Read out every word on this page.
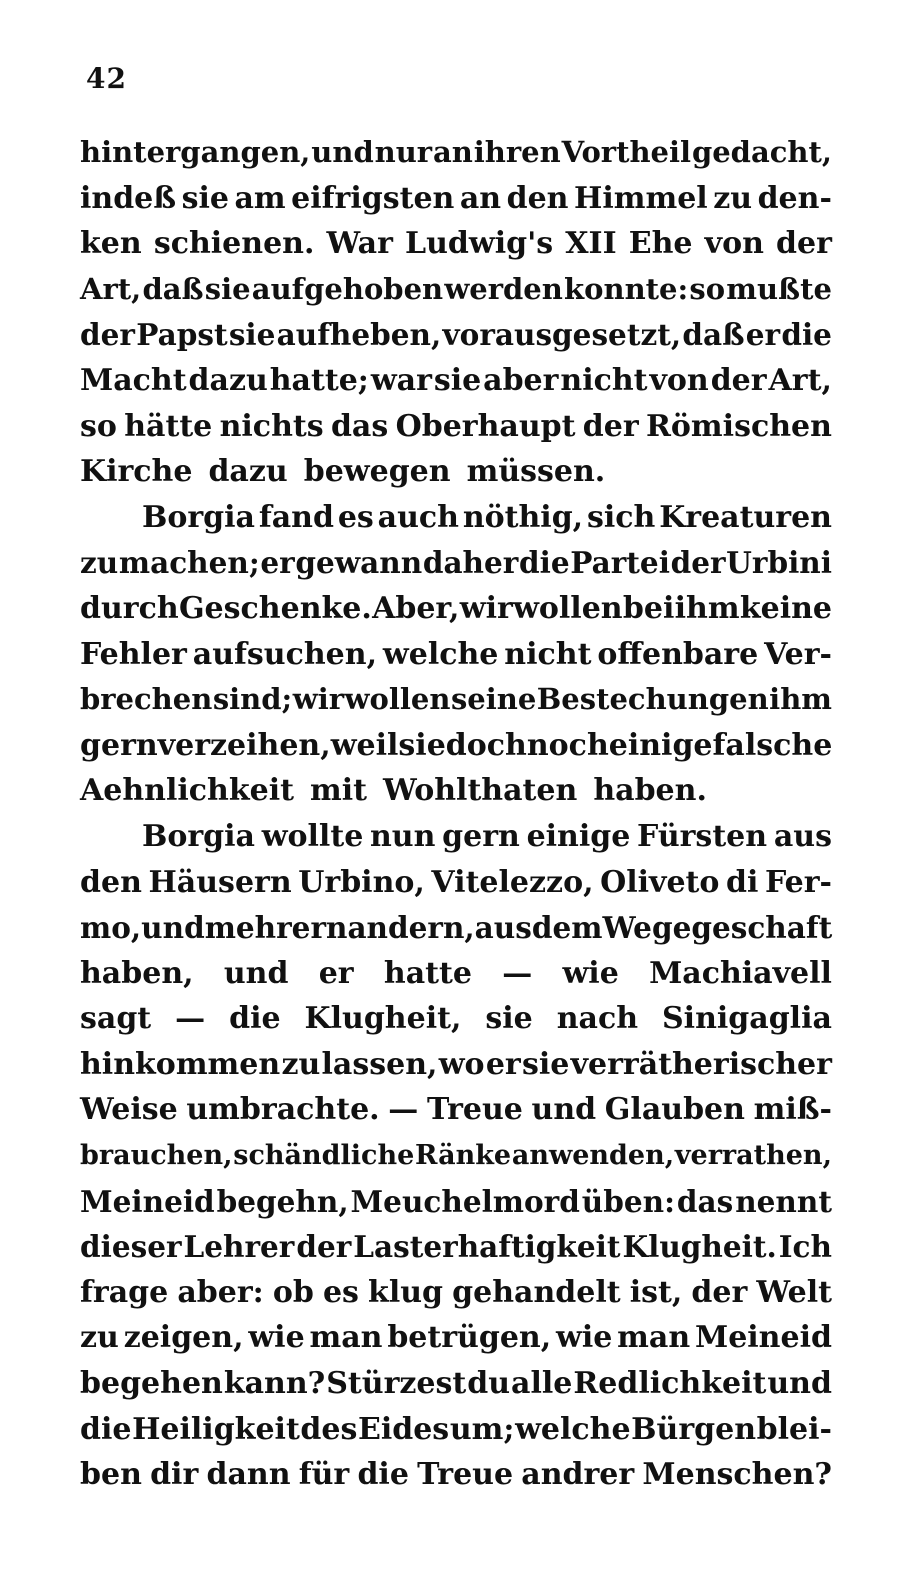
42
hintergangen, und nur an ihren Vortheil gedacht,
indeß sie am eifrigsten an den Himmel zu den-
ken schienen. War Ludwig's XII Ehe von der
Art, daß sie aufgehoben werden konnte: so mußte
der Papst sie aufheben, vorausgesetzt, daß er die
Macht dazu hatte; war sie aber nicht von der Art,
so hätte nichts das Oberhaupt der Römischen
Kirche dazu bewegen müssen.
Borgia fand es auch nöthig, sich Kreaturen
zu machen; er gewann daher die Partei der Urbini
durch Geschenke. Aber, wir wollen bei ihm keine
Fehler aufsuchen, welche nicht offenbare Ver-
brechen sind; wir wollen seine Bestechungen ihm
gern verzeihen, weil sie doch noch einige falsche
Aehnlichkeit mit Wohlthaten haben.
Borgia wollte nun gern einige Fürsten aus
den Häusern Urbino, Vitelezzo, Oliveto di Fer-
mo, und mehrern andern, aus dem Wege geschaft
haben, und er hatte — wie Machiavell
sagt — die Klugheit, sie nach Sinigaglia
hinkommen zu lassen, wo er sie verrätherischer
Weise umbrachte. — Treue und Glauben miß-
brauchen, schändliche Ränke anwenden, verrathen,
Meineid begehn, Meuchelmord üben: das nennt
dieser Lehrer der Lasterhaftigkeit Klugheit. Ich
frage aber: ob es klug gehandelt ist, der Welt
zu zeigen, wie man betrügen, wie man Meineid
begehen kann? Stürzest du alle Redlichkeit und
die Heiligkeit des Eides um; welche Bürgen blei-
ben dir dann für die Treue andrer Menschen?
